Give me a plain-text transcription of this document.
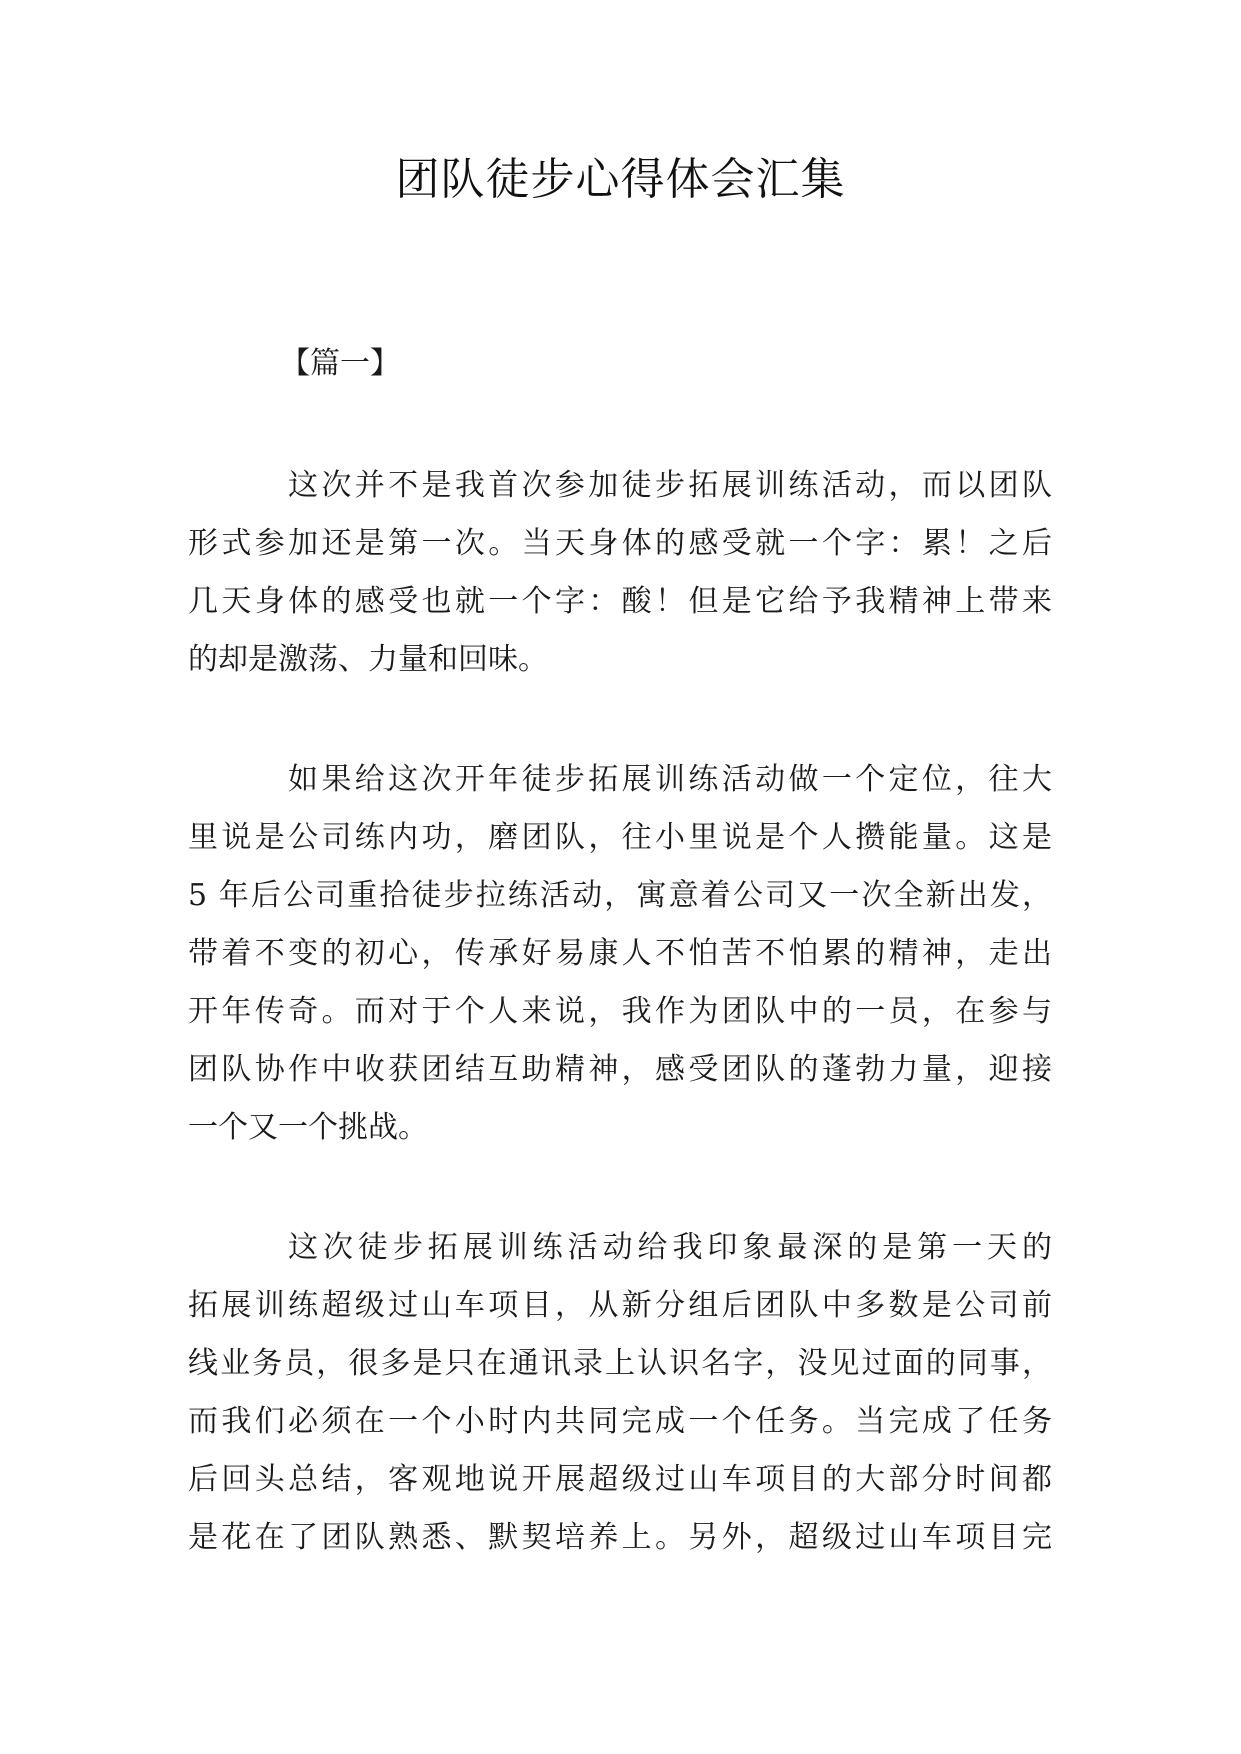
团队徒步心得体会汇集
【篇一】

这次并不是我首次参加徒步拓展训练活动，而以团队
形式参加还是第一次。当天身体的感受就一个字：累！之后
几天身体的感受也就一个字：酸！但是它给予我精神上带来
的却是激荡、力量和回味。

如果给这次开年徒步拓展训练活动做一个定位，往大
里说是公司练内功，磨团队，往小里说是个人攒能量。这是
5 年后公司重拾徒步拉练活动，寓意着公司又一次全新出发，
带着不变的初心，传承好易康人不怕苦不怕累的精神，走出
开年传奇。而对于个人来说，我作为团队中的一员，在参与
团队协作中收获团结互助精神，感受团队的蓬勃力量，迎接
一个又一个挑战。

这次徒步拓展训练活动给我印象最深的是第一天的
拓展训练超级过山车项目，从新分组后团队中多数是公司前
线业务员，很多是只在通讯录上认识名字，没见过面的同事，
而我们必须在一个小时内共同完成一个任务。当完成了任务
后回头总结，客观地说开展超级过山车项目的大部分时间都
是花在了团队熟悉、默契培养上。另外，超级过山车项目完
